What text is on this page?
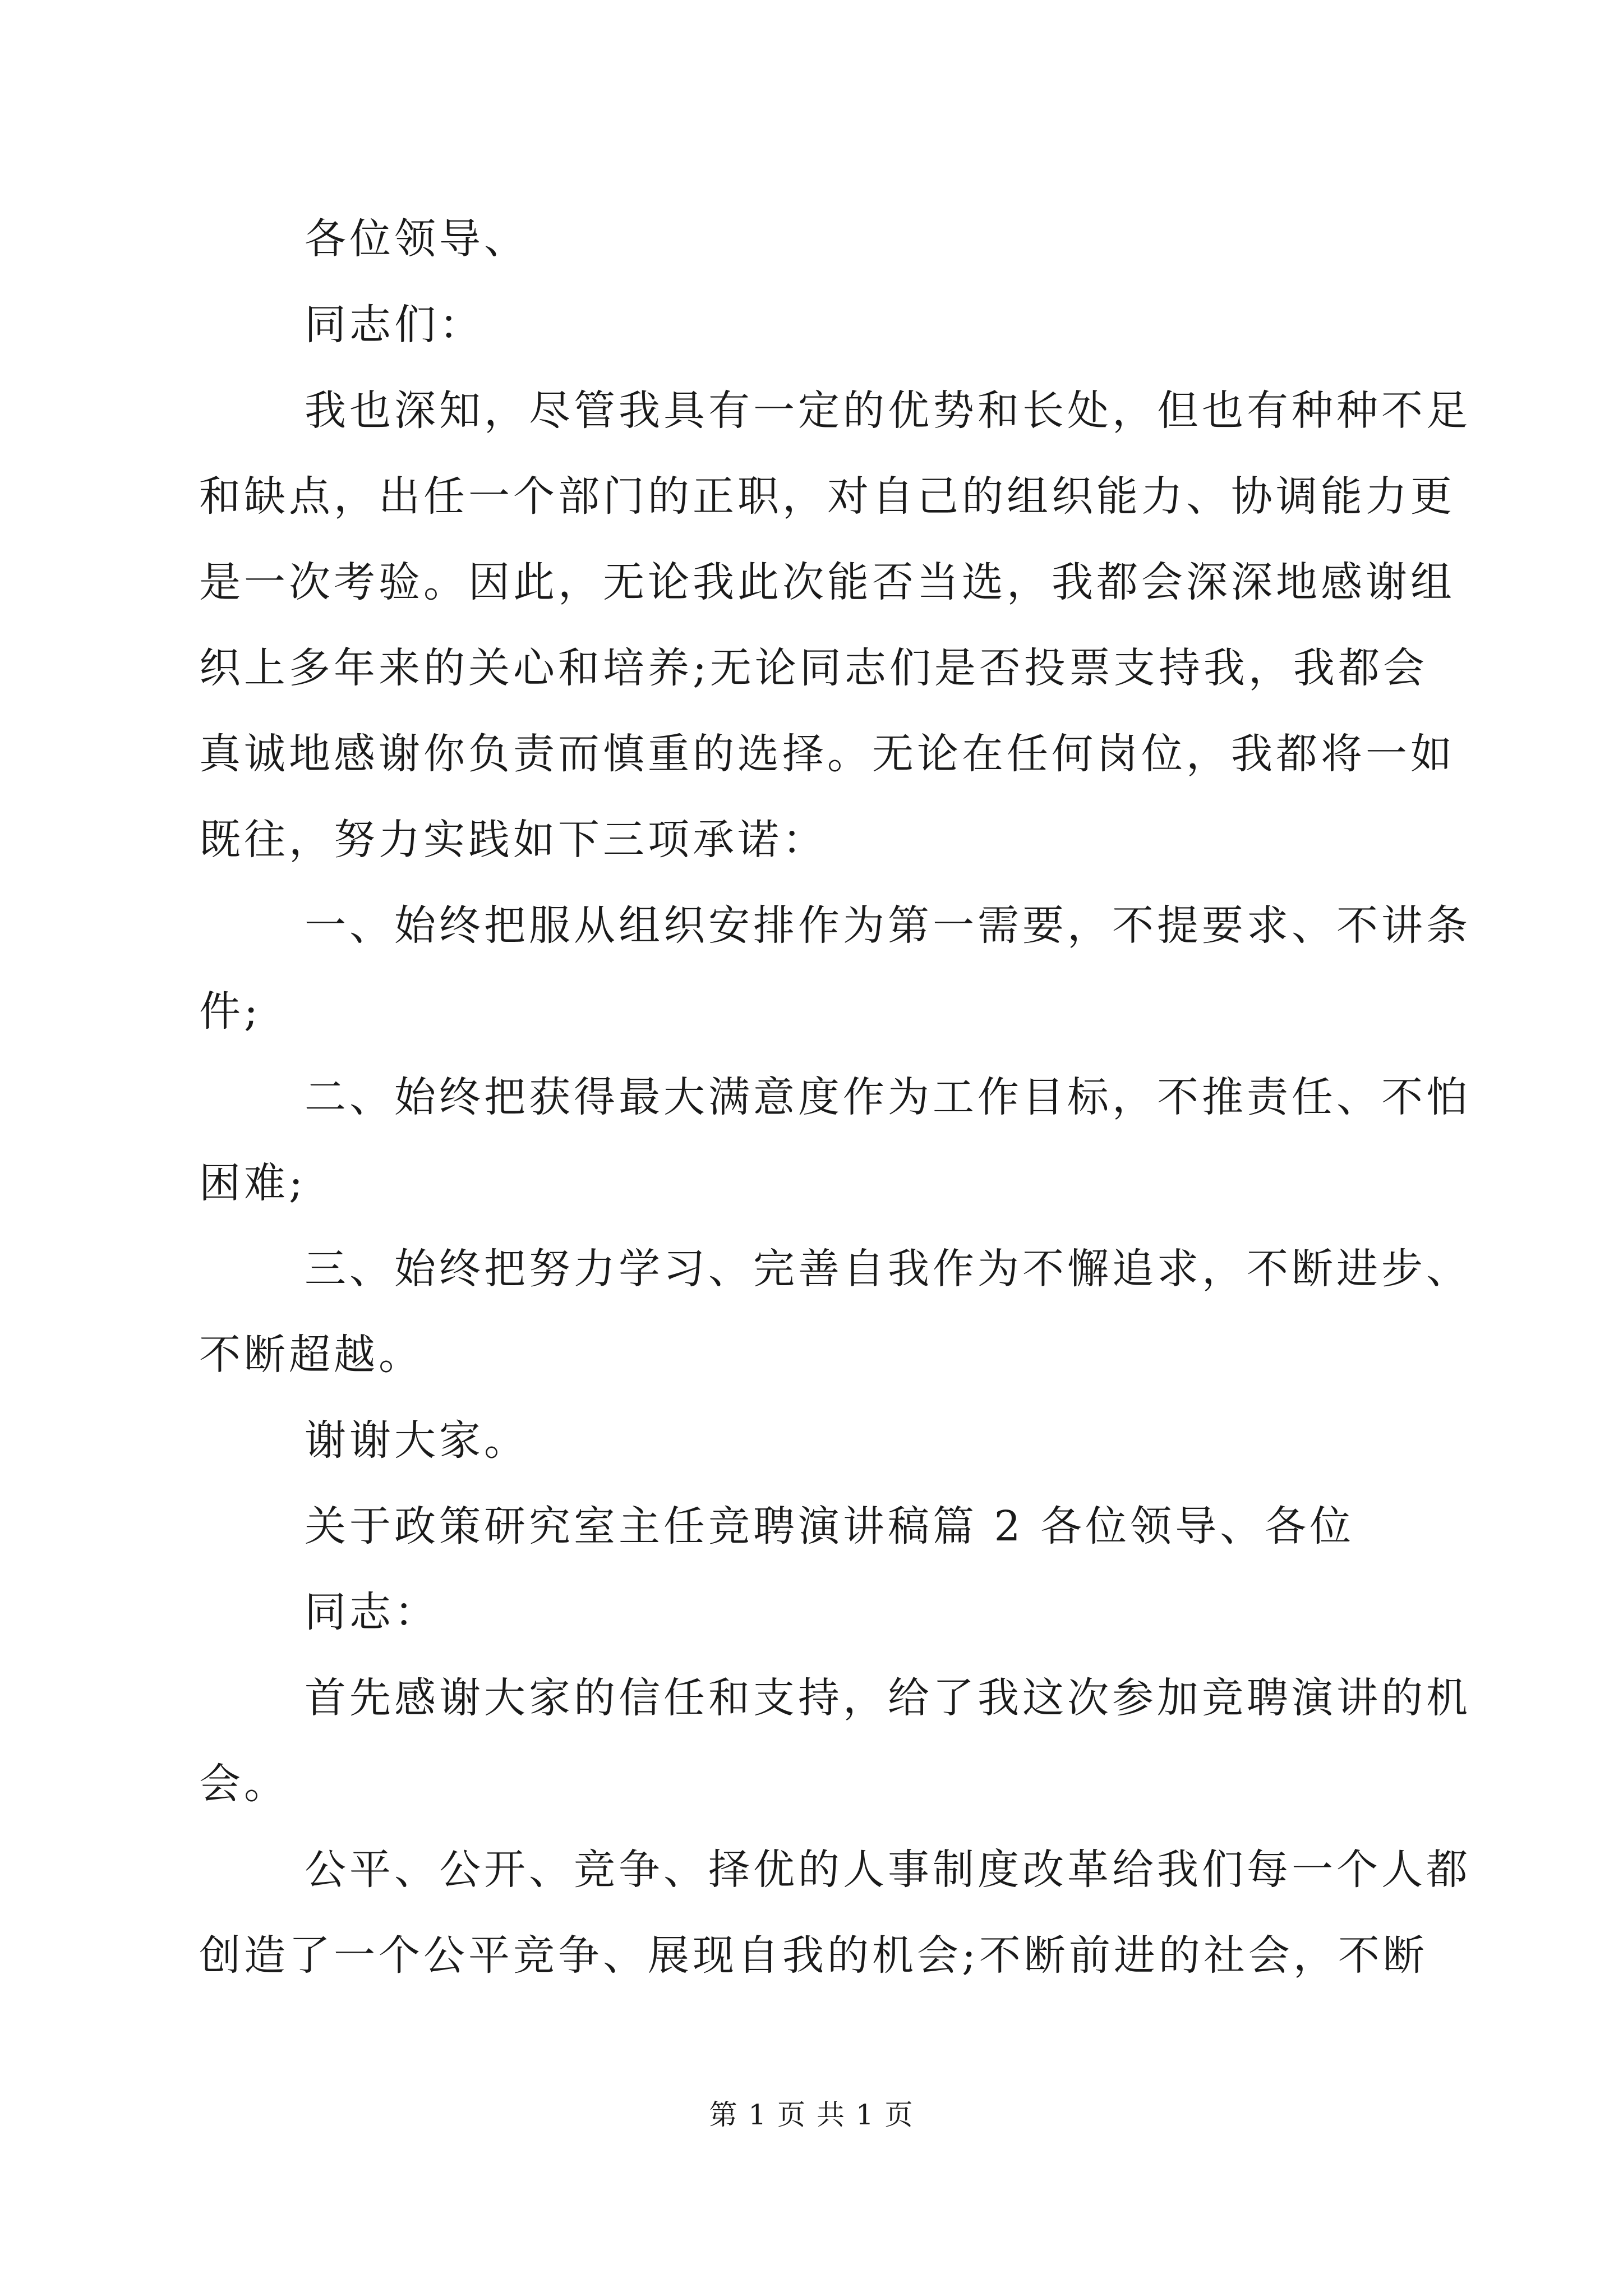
各位领导、
同志们：
我也深知，尽管我具有一定的优势和长处，但也有种种不足
和缺点，出任一个部门的正职，对自己的组织能力、协调能力更
是一次考验。因此，无论我此次能否当选，我都会深深地感谢组
织上多年来的关心和培养;无论同志们是否投票支持我，我都会
真诚地感谢你负责而慎重的选择。无论在任何岗位，我都将一如
既往，努力实践如下三项承诺：
一、始终把服从组织安排作为第一需要，不提要求、不讲条
件;
二、始终把获得最大满意度作为工作目标，不推责任、不怕
困难;
三、始终把努力学习、完善自我作为不懈追求，不断进步、
不断超越。
谢谢大家。
关于政策研究室主任竞聘演讲稿篇 2 各位领导、各位
同志：
首先感谢大家的信任和支持，给了我这次参加竞聘演讲的机
会。
公平、公开、竞争、择优的人事制度改革给我们每一个人都
创造了一个公平竞争、展现自我的机会;不断前进的社会，不断
第 1 页 共 1 页
